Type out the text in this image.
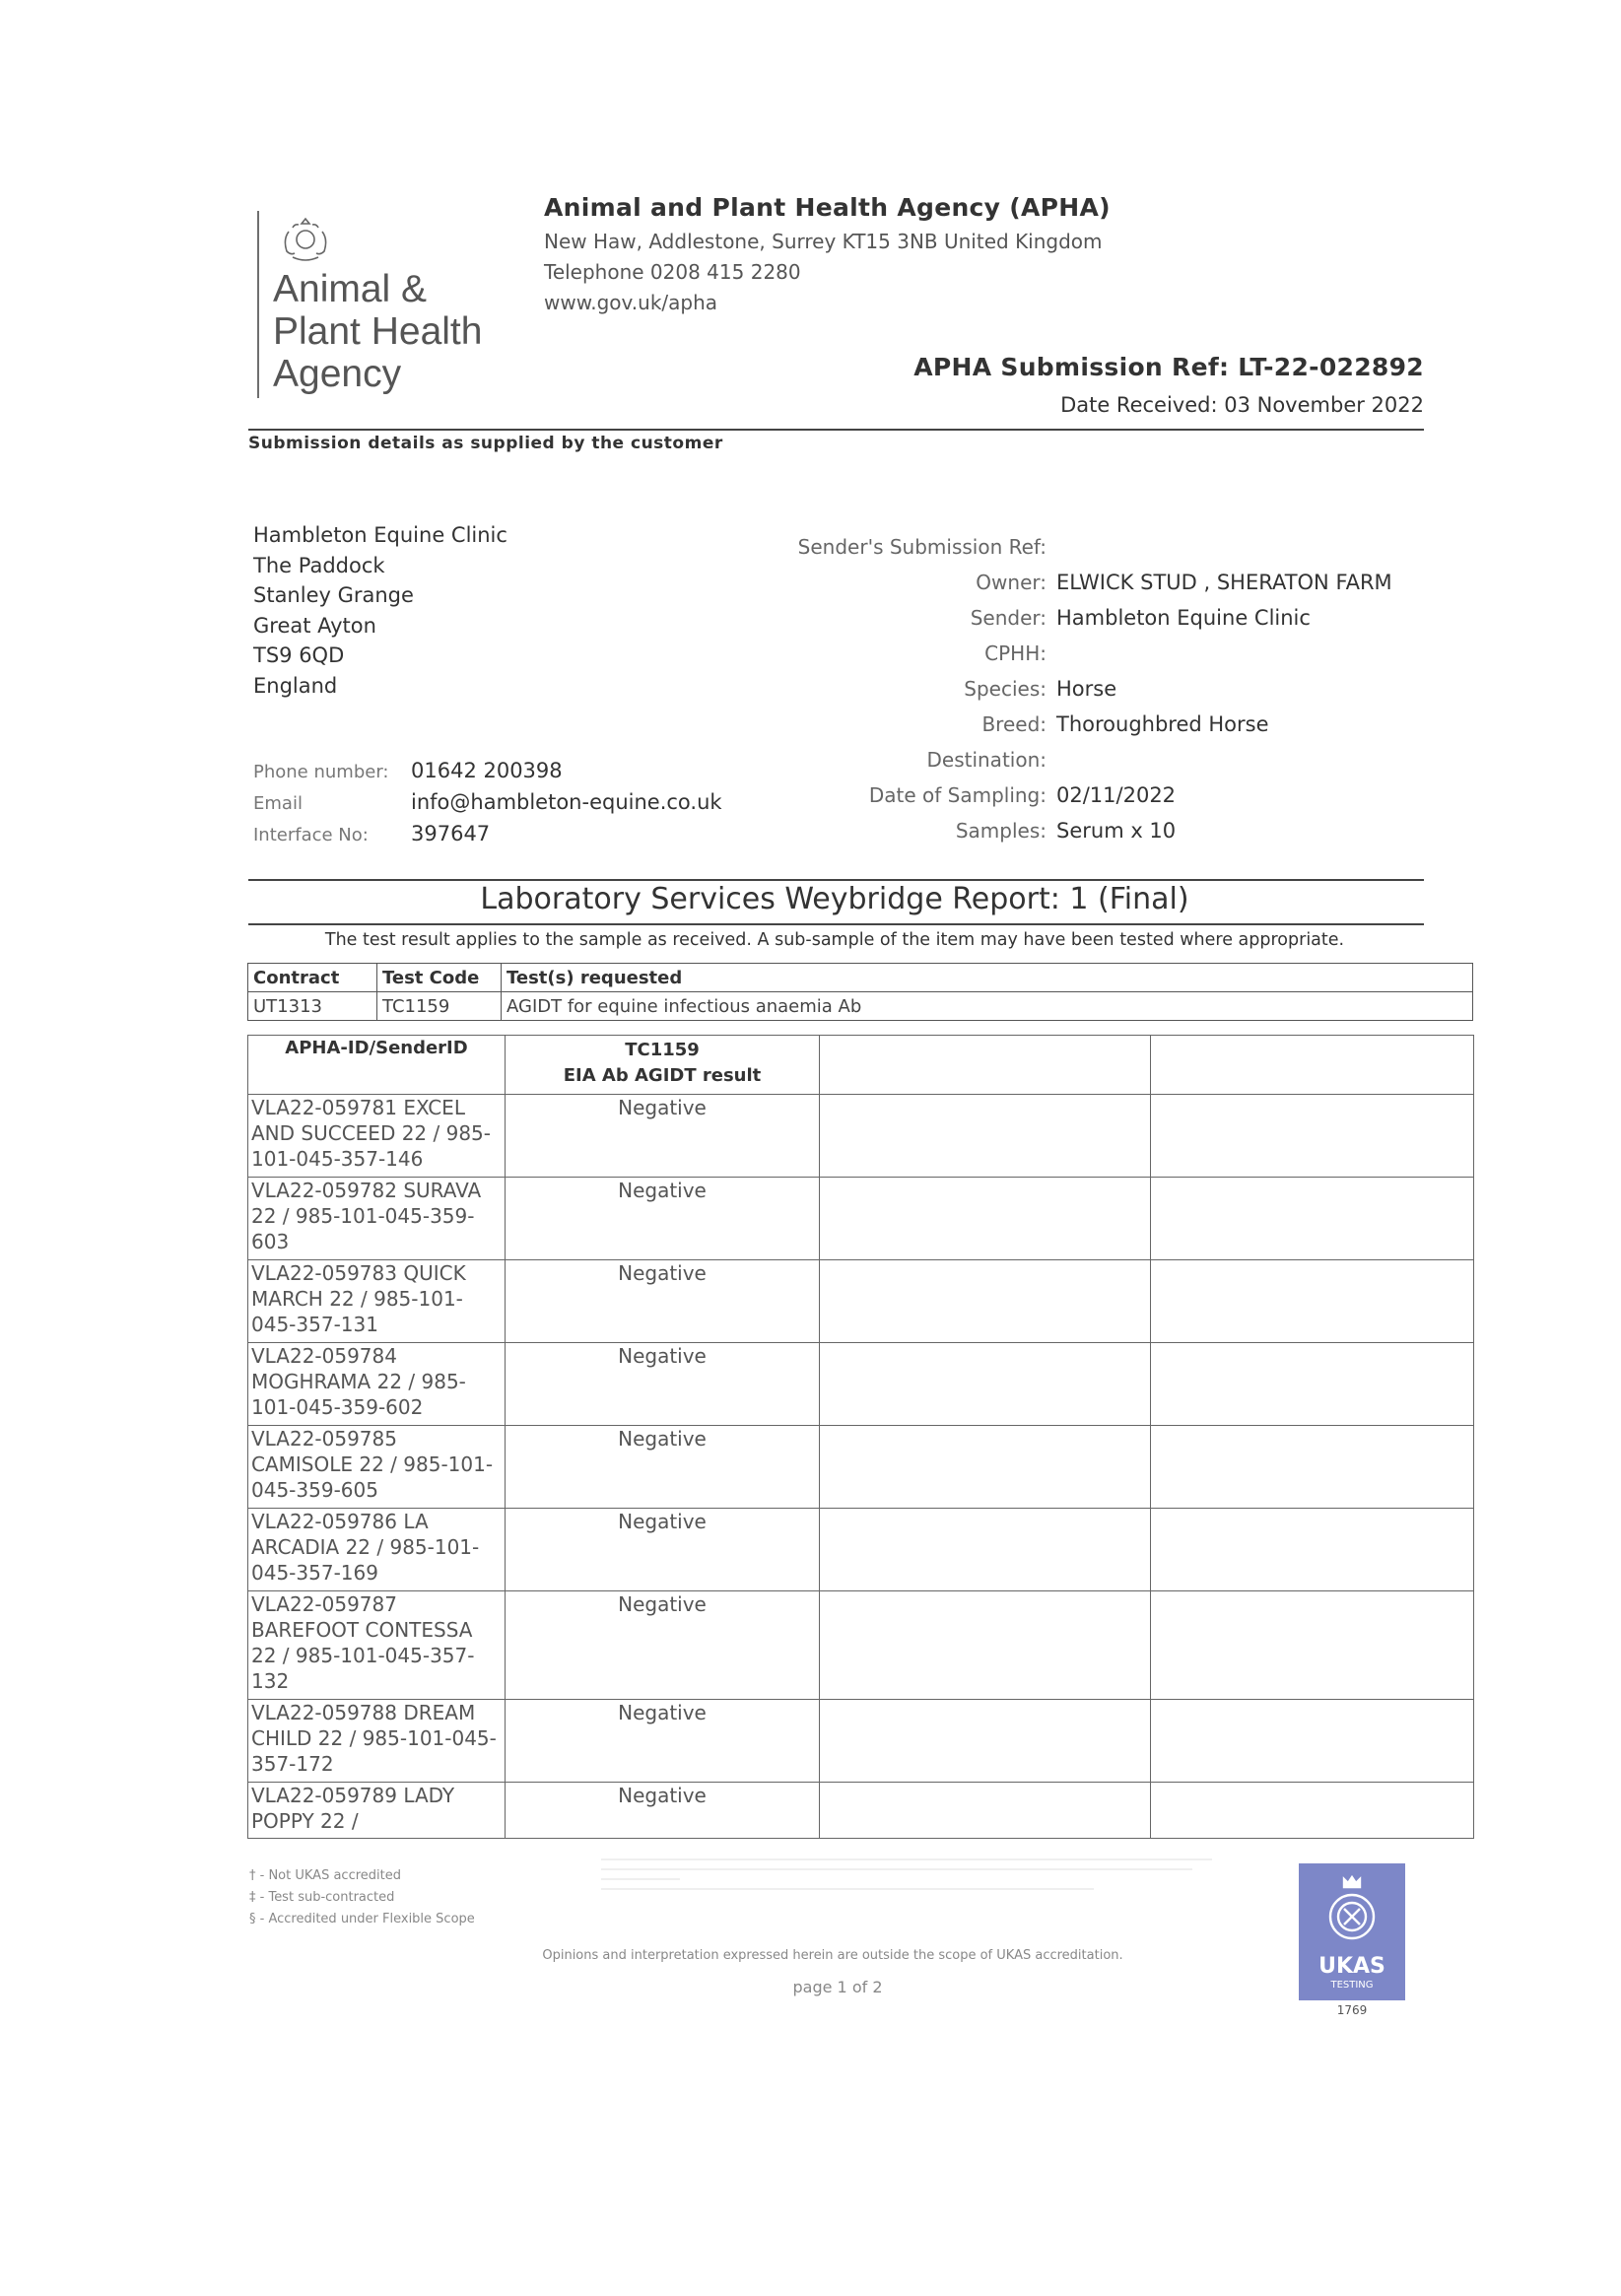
Animal &
Plant Health
Agency
Animal and Plant Health Agency (APHA)
New Haw, Addlestone, Surrey KT15 3NB United Kingdom
Telephone 0208 415 2280
www.gov.uk/apha
APHA Submission Ref: LT-22-022892
Date Received: 03 November 2022
Submission details as supplied by the customer
Hambleton Equine Clinic
The Paddock
Stanley Grange
Great Ayton
TS9 6QD
England
Phone number: 01642 200398
Email	info@hambleton-equine.co.uk
Interface No: 397647
Sender's Submission Ref:
Owner: ELWICK STUD , SHERATON FARM
Sender: Hambleton Equine Clinic
CPHH:
Species: Horse
Breed: Thoroughbred Horse
Destination:
Date of Sampling: 02/11/2022
Samples: Serum x 10
Laboratory Services Weybridge Report: 1 (Final)
The test result applies to the sample as received. A sub-sample of the item may have been tested where appropriate.
Contract	Test Code	Test(s) requested
UT1313	TC1159	AGIDT for equine infectious anaemia Ab
APHA-ID/SenderID	TC1159
EIA Ab AGIDT result		

VLA22-059781 EXCEL AND SUCCEED 22 / 985-101-045-357-146	Negative		
VLA22-059782 SURAVA 22 / 985-101-045-359-603	Negative		
VLA22-059783 QUICK MARCH 22 / 985-101-045-357-131	Negative		
VLA22-059784 MOGHRAMA 22 / 985-101-045-359-602	Negative		
VLA22-059785 CAMISOLE 22 / 985-101-045-359-605	Negative		
VLA22-059786 LA ARCADIA 22 / 985-101-045-357-169	Negative		
VLA22-059787 BAREFOOT CONTESSA 22 / 985-101-045-357-132	Negative		
VLA22-059788 DREAM CHILD 22 / 985-101-045-357-172	Negative		
VLA22-059789 LADY POPPY 22 /	Negative		
† - Not UKAS accredited
‡ - Test sub-contracted
§ - Accredited under Flexible Scope
Opinions and interpretation expressed herein are outside the scope of UKAS accreditation.
page 1 of 2
UKAS
TESTING
1769
